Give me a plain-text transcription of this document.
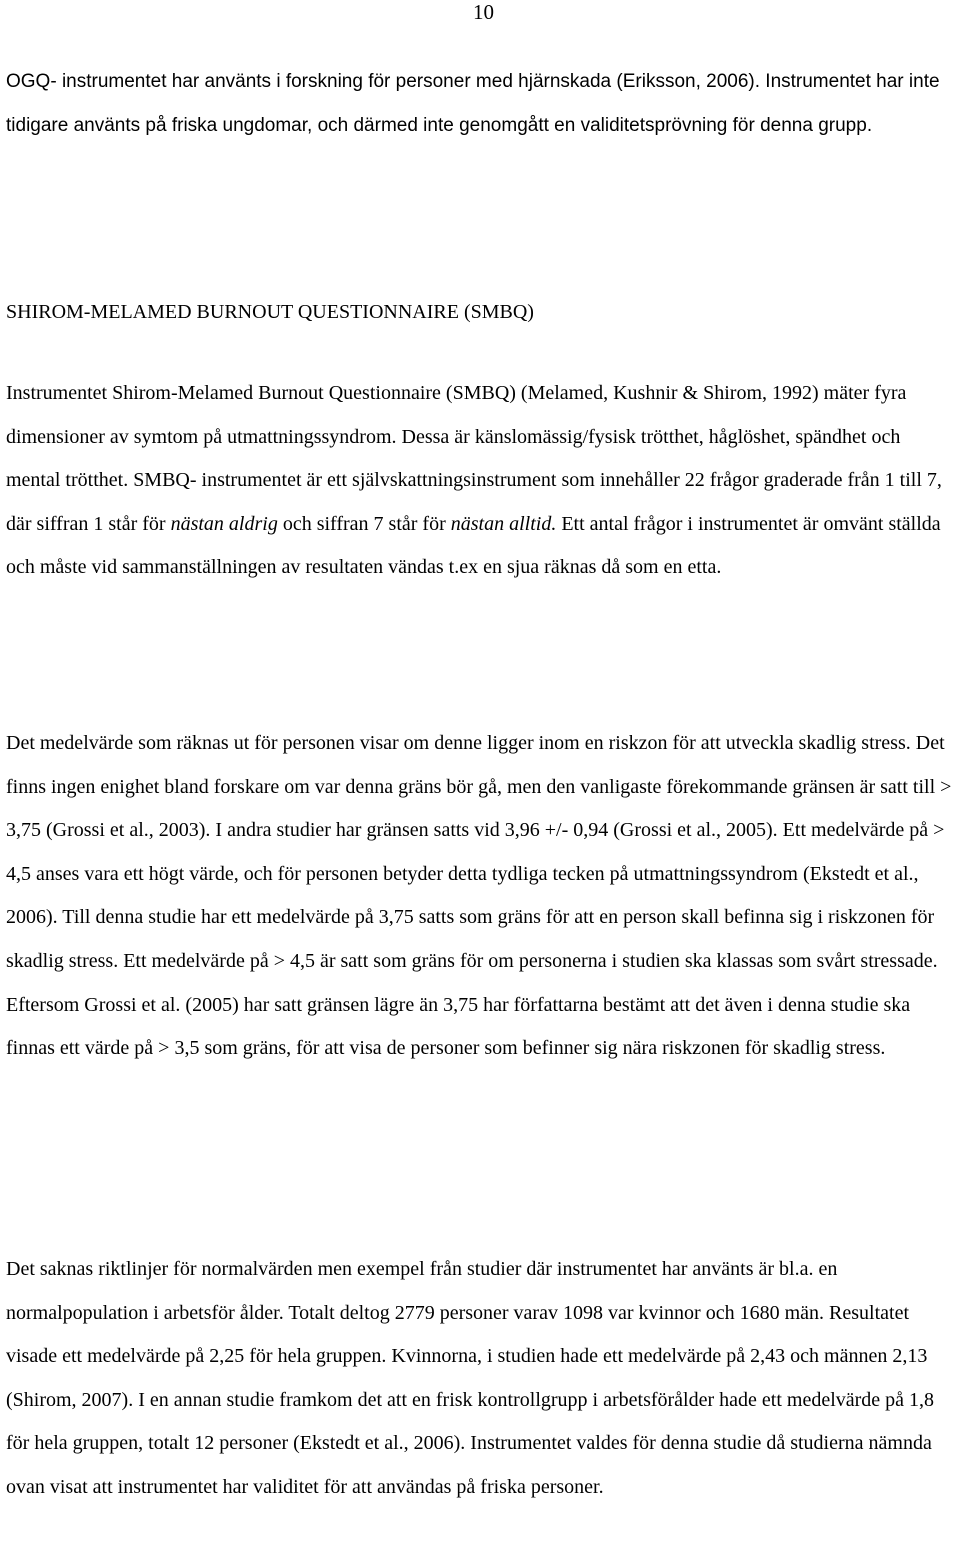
10

OGQ- instrumentet har använts i forskning för personer med hjärnskada (Eriksson, 2006). Instrumentet har inte tidigare använts på friska ungdomar, och därmed inte genomgått en validitetsprövning för denna grupp.

SHIROM-MELAMED BURNOUT QUESTIONNAIRE (SMBQ)

Instrumentet Shirom-Melamed Burnout Questionnaire (SMBQ) (Melamed, Kushnir & Shirom, 1992) mäter fyra dimensioner av symtom på utmattningssyndrom. Dessa är känslomässig/fysisk trötthet, håglöshet, spändhet och mental trötthet. SMBQ- instrumentet är ett självskattningsinstrument som innehåller 22 frågor graderade från 1 till 7, där siffran 1 står för nästan aldrig och siffran 7 står för nästan alltid. Ett antal frågor i instrumentet är omvänt ställda och måste vid sammanställningen av resultaten vändas t.ex en sjua räknas då som en etta.

Det medelvärde som räknas ut för personen visar om denne ligger inom en riskzon för att utveckla skadlig stress. Det finns ingen enighet bland forskare om var denna gräns bör gå, men den vanligaste förekommande gränsen är satt till > 3,75 (Grossi et al., 2003). I andra studier har gränsen satts vid 3,96 +/- 0,94 (Grossi et al., 2005). Ett medelvärde på > 4,5 anses vara ett högt värde, och för personen betyder detta tydliga tecken på utmattningssyndrom (Ekstedt et al., 2006). Till denna studie har ett medelvärde på 3,75 satts som gräns för att en person skall befinna sig i riskzonen för skadlig stress. Ett medelvärde på > 4,5 är satt som gräns för om personerna i studien ska klassas som svårt stressade. Eftersom Grossi et al. (2005) har satt gränsen lägre än 3,75 har författarna bestämt att det även i denna studie ska finnas ett värde på > 3,5 som gräns, för att visa de personer som befinner sig nära riskzonen för skadlig stress.

Det saknas riktlinjer för normalvärden men exempel från studier där instrumentet har använts är bl.a. en normalpopulation i arbetsför ålder. Totalt deltog 2779 personer varav 1098 var kvinnor och 1680 män. Resultatet visade ett medelvärde på 2,25 för hela gruppen. Kvinnorna, i studien hade ett medelvärde på 2,43 och männen 2,13 (Shirom, 2007). I en annan studie framkom det att en frisk kontrollgrupp i arbetsförålder hade ett medelvärde på 1,8 för hela gruppen, totalt 12 personer (Ekstedt et al., 2006). Instrumentet valdes för denna studie då studierna nämnda ovan visat att instrumentet har validitet för att användas på friska personer.
